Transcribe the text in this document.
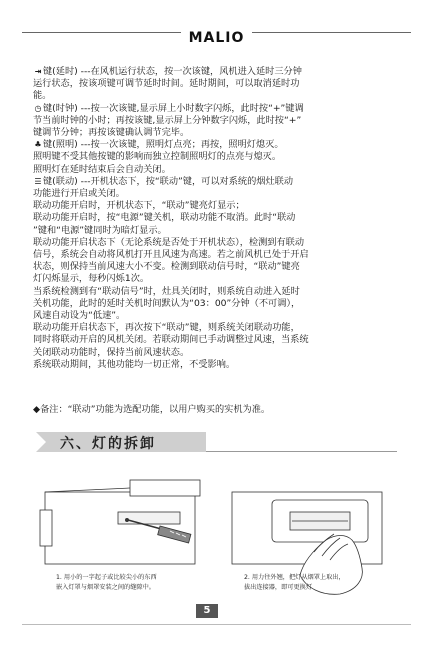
MALIO

⇥ 键(延时) ---在风机运行状态，按一次该键，风机进入延时三分钟

运行状态，按该项键可调节延时时间。延时期间，可以取消延时功

能。

◷ 键(时钟) ---按一次该键,显示屏上小时数字闪烁，此时按“+”键调

节当前时钟的小时；再按该键,显示屏上分钟数字闪烁，此时按“+”

键调节分钟；再按该键确认调节完毕。

♣键(照明) ---按一次该键，照明灯点亮；再按，照明灯熄灭。

照明键不受其他按键的影响而独立控制照明灯的点亮与熄灭。

照明灯在延时结束后会自动关闭。

☰键(联动) ---开机状态下，按“联动”键，可以对系统的烟灶联动

功能进行开启或关闭。

联动功能开启时，开机状态下，“联动”键亮灯显示；

联动功能开启时，按“电源”键关机，联动功能不取消。此时“联动

”键和“电源”键同时为暗灯显示。

联动功能开启状态下（无论系统是否处于开机状态），检测到有联动

信号，系统会自动将风机打开且风速为高速。若之前风机已处于开启

状态，则保持当前风速大小不变。检测到联动信号时，“联动”键亮

灯闪烁显示，每秒闪烁1次。

当系统检测到有“联动信号”时，灶具关闭时，则系统自动进入延时

关机功能，此时的延时关机时间默认为“03：00”分钟（不可调），

风速自动设为“低速”。

联动功能开启状态下，再次按下“联动”键，则系统关闭联动功能，

同时将联动开启的风机关闭。若联动期间已手动调整过风速，当系统

关闭联动功能时，保持当前风速状态。

系统联动期间，其他功能均一切正常，不受影响。

◆备注：“联动”功能为选配功能，以用户购买的实机为准。
六、灯的拆卸
1. 用小的一字起子或比较尖小的东西
嵌入灯罩与烟罩安装之间的缝隙中。
2. 用力往外翘，把灯从烟罩上取出，
拔出连接器，即可更换灯
5
